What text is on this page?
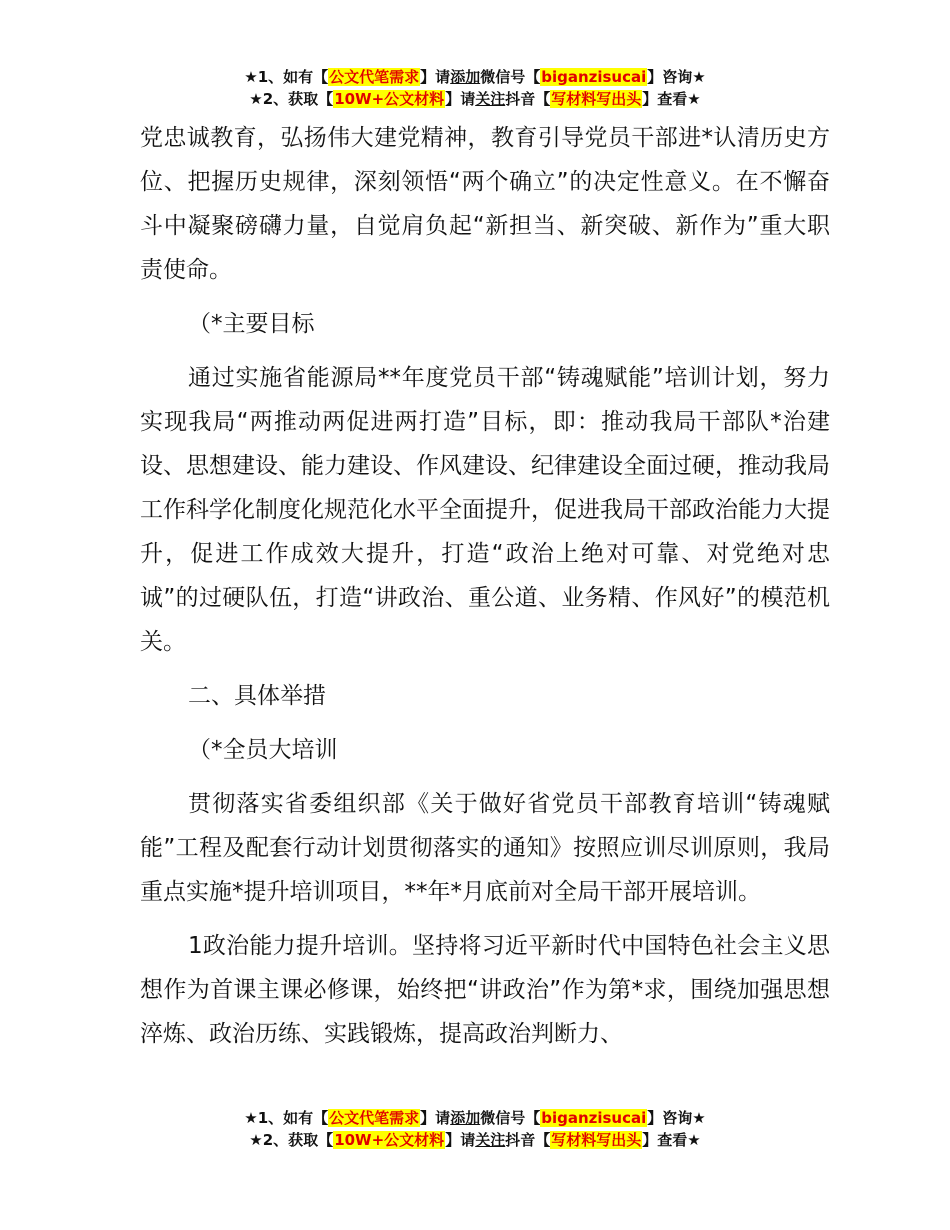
★1、如有【公文代笔需求】请添加微信号【biganzisucai】咨询★
★2、获取【10W+公文材料】请关注抖音【写材料写出头】查看★

党忠诚教育，弘扬伟大建党精神，教育引导党员干部进*认清历史方位、把握历史规律，深刻领悟“两个确立”的决定性意义。在不懈奋斗中凝聚磅礴力量，自觉肩负起“新担当、新突破、新作为”重大职责使命。

（*主要目标

通过实施省能源局**年度党员干部“铸魂赋能”培训计划，努力实现我局“两推动两促进两打造”目标，即：推动我局干部队*治建设、思想建设、能力建设、作风建设、纪律建设全面过硬，推动我局工作科学化制度化规范化水平全面提升，促进我局干部政治能力大提升，促进工作成效大提升，打造“政治上绝对可靠、对党绝对忠诚”的过硬队伍，打造“讲政治、重公道、业务精、作风好”的模范机关。

二、具体举措

（*全员大培训

贯彻落实省委组织部《关于做好省党员干部教育培训“铸魂赋能”工程及配套行动计划贯彻落实的通知》按照应训尽训原则，我局重点实施*提升培训项目，**年*月底前对全局干部开展培训。

1政治能力提升培训。坚持将习近平新时代中国特色社会主义思想作为首课主课必修课，始终把“讲政治”作为第*求，围绕加强思想淬炼、政治历练、实践锻炼，提高政治判断力、

★1、如有【公文代笔需求】请添加微信号【biganzisucai】咨询★
★2、获取【10W+公文材料】请关注抖音【写材料写出头】查看★
